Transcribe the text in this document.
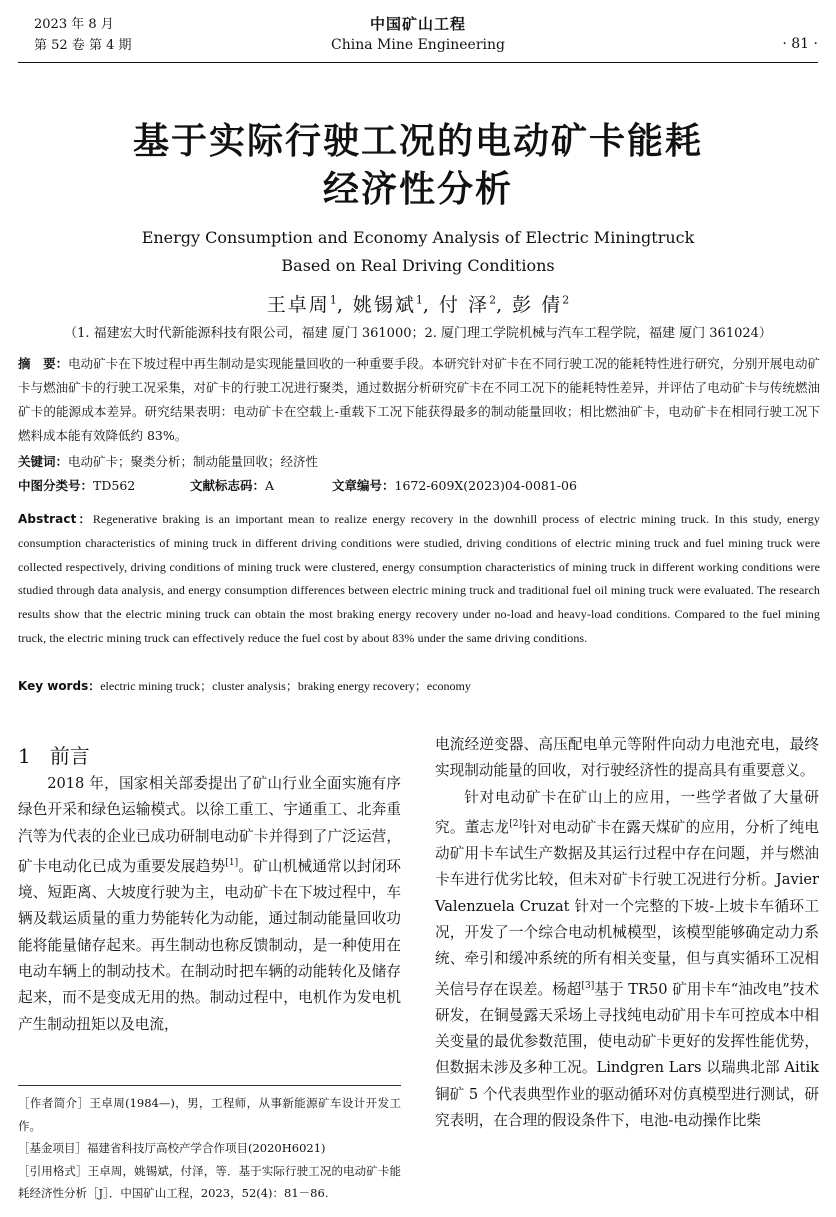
2023 年 8 月
第 52 卷 第 4 期
中国矿山工程
China Mine Engineering	· 81 ·
基于实际行驶工况的电动矿卡能耗
经济性分析
Energy Consumption and Economy Analysis of Electric Miningtruck
Based on Real Driving Conditions
王卓周$^1$, 姚锡斌$^1$, 付 泽$^2$, 彭 倩$^2$
（1. 福建宏大时代新能源科技有限公司，福建 厦门 361000；2. 厦门理工学院机械与汽车工程学院，福建 厦门 361024）
摘　要：电动矿卡在下坡过程中再生制动是实现能量回收的一种重要手段。本研究针对矿卡在不同行驶工况的能耗特性进行研究，分别开展电动矿卡与燃油矿卡的行驶工况采集，对矿卡的行驶工况进行聚类，通过数据分析研究矿卡在不同工况下的能耗特性差异，并评估了电动矿卡与传统燃油矿卡的能源成本差异。研究结果表明：电动矿卡在空载上-重载下工况下能获得最多的制动能量回收；相比燃油矿卡，电动矿卡在相同行驶工况下燃料成本能有效降低约 83%。
关键词：电动矿卡；聚类分析；制动能量回收；经济性
中图分类号：TD562	文献标志码：A	文章编号：1672-609X(2023)04-0081-06
Abstract：Regenerative braking is an important mean to realize energy recovery in the downhill process of electric mining truck. In this study, energy consumption characteristics of mining truck in different driving conditions were studied, driving conditions of electric mining truck and fuel mining truck were collected respectively, driving conditions of mining truck were clustered, energy consumption characteristics of mining truck in different working conditions were studied through data analysis, and energy consumption differences between electric mining truck and traditional fuel oil mining truck were evaluated. The research results show that the electric mining truck can obtain the most braking energy recovery under no-load and heavy-load conditions. Compared to the fuel mining truck, the electric mining truck can effectively reduce the fuel cost by about 83% under the same driving conditions.
Key words：electric mining truck；cluster analysis；braking energy recovery；economy
1 前言

2018 年，国家相关部委提出了矿山行业全面实施有序绿色开采和绿色运输模式。以徐工重工、宇通重工、北奔重汽等为代表的企业已成功研制电动矿卡并得到了广泛运营，矿卡电动化已成为重要发展趋势[1]。矿山机械通常以封闭环境、短距离、大坡度行驶为主，电动矿卡在下坡过程中，车辆及载运质量的重力势能转化为动能，通过制动能量回收功能将能量储存起来。再生制动也称反馈制动，是一种使用在电动车辆上的制动技术。在制动时把车辆的动能转化及储存起来，而不是变成无用的热。制动过程中，电机作为发电机产生制动扭矩以及电流，

［作者简介］王卓周(1984—)，男，工程师，从事新能源矿车设计开发工作。
［基金项目］福建省科技厅高校产学合作项目(2020H6021)
［引用格式］王卓周，姚锡斌，付泽，等．基于实际行驶工况的电动矿卡能耗经济性分析［J］．中国矿山工程，2023，52(4)：81－86.

电流经逆变器、高压配电单元等附件向动力电池充电，最终实现制动能量的回收，对行驶经济性的提高具有重要意义。

针对电动矿卡在矿山上的应用，一些学者做了大量研究。董志龙[2]针对电动矿卡在露天煤矿的应用，分析了纯电动矿用卡车试生产数据及其运行过程中存在问题，并与燃油卡车进行优劣比较，但未对矿卡行驶工况进行分析。Javier Valenzuela Cruzat 针对一个完整的下坡-上坡卡车循环工况，开发了一个综合电动机械模型，该模型能够确定动力系统、牵引和缓冲系统的所有相关变量，但与真实循环工况相关信号存在误差。杨超[3]基于 TR50 矿用卡车“油改电”技术研发，在铜曼露天采场上寻找纯电动矿用卡车可控成本中相关变量的最优参数范围，使电动矿卡更好的发挥性能优势，但数据未涉及多种工况。Lindgren Lars 以瑞典北部 Aitik 铜矿 5 个代表典型作业的驱动循环对仿真模型进行测试，研究表明，在合理的假设条件下，电池-电动操作比柴
